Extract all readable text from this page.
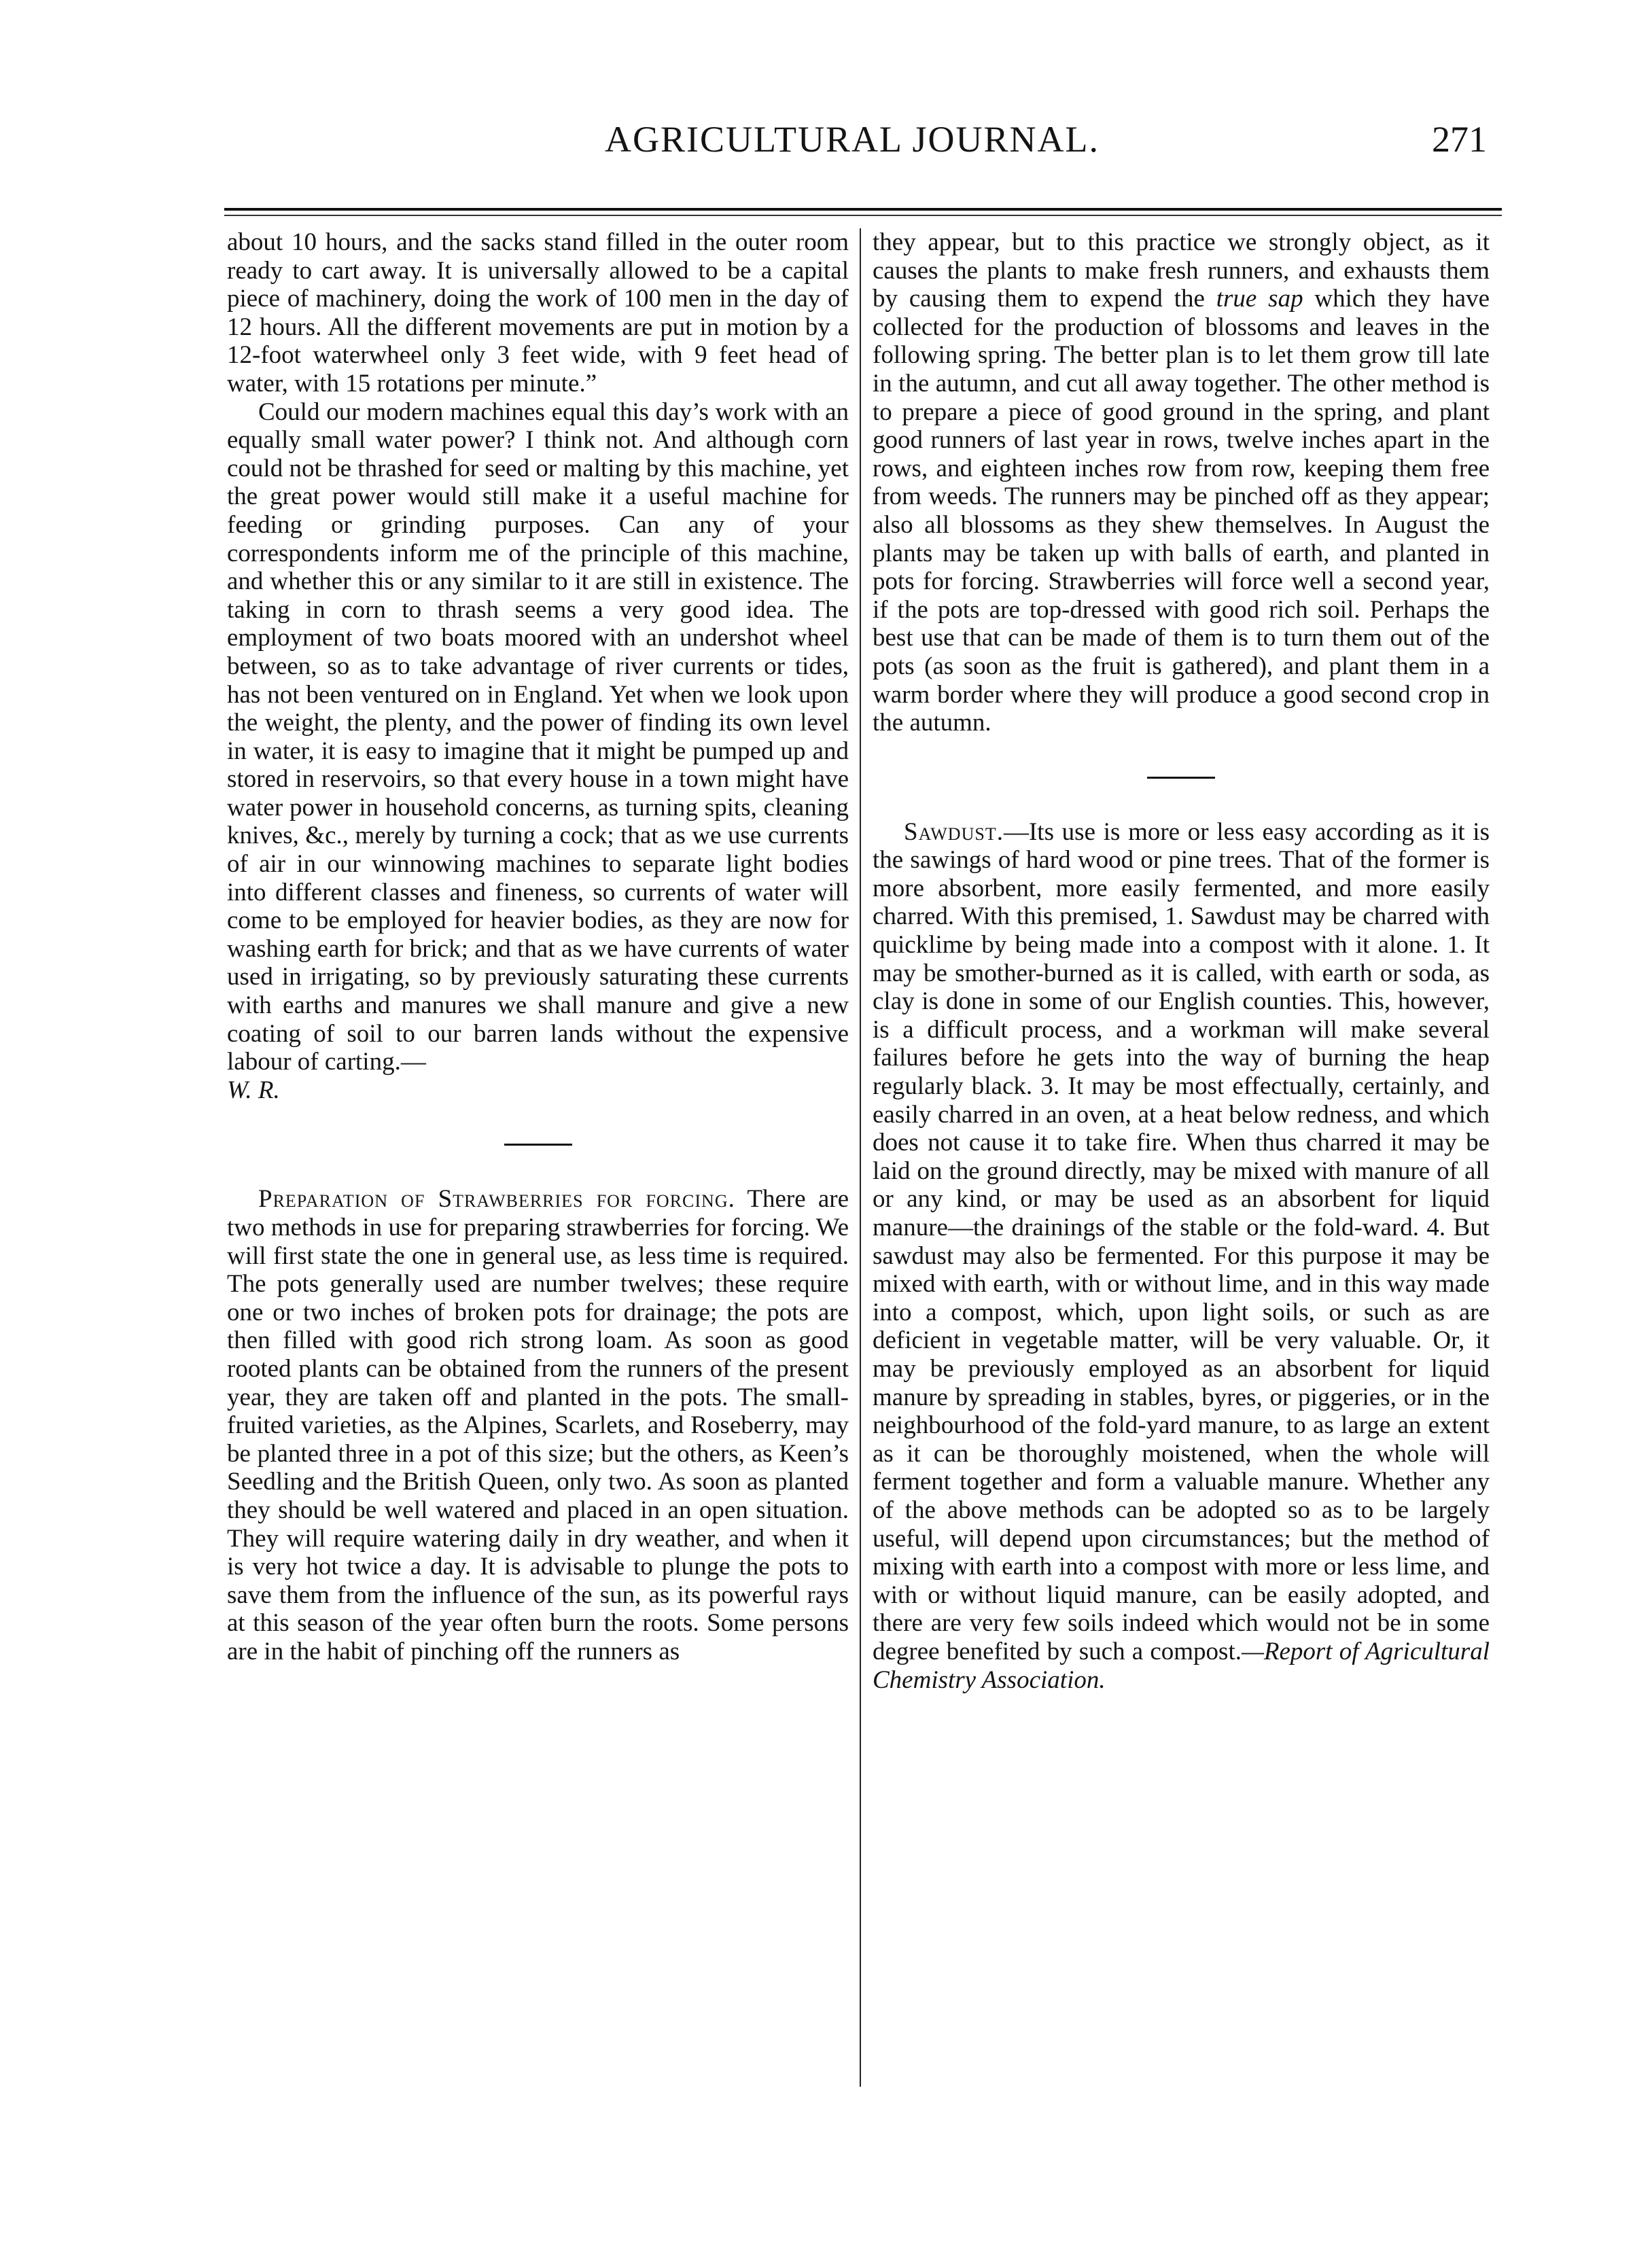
AGRICULTURAL JOURNAL.	271

about 10 hours, and the sacks stand filled in the outer room ready to cart away. It is universally allowed to be a capital piece of machinery, doing the work of 100 men in the day of 12 hours. All the different movements are put in motion by a 12-foot waterwheel only 3 feet wide, with 9 feet head of water, with 15 rotations per minute.”

Could our modern machines equal this day’s work with an equally small water power? I think not. And although corn could not be thrashed for seed or malting by this machine, yet the great power would still make it a useful machine for feeding or grinding purposes. Can any of your correspondents inform me of the principle of this machine, and whether this or any similar to it are still in existence. The taking in corn to thrash seems a very good idea. The employment of two boats moored with an undershot wheel between, so as to take advantage of river currents or tides, has not been ventured on in England. Yet when we look upon the weight, the plenty, and the power of finding its own level in water, it is easy to imagine that it might be pumped up and stored in reservoirs, so that every house in a town might have water power in household concerns, as turning spits, cleaning knives, &c., merely by turning a cock; that as we use currents of air in our winnowing machines to separate light bodies into different classes and fineness, so currents of water will come to be employed for heavier bodies, as they are now for washing earth for brick; and that as we have currents of water used in irrigating, so by previously saturating these currents with earths and manures we shall manure and give a new coating of soil to our barren lands without the expensive labour of carting.—

W. R.

Preparation of Strawberries for forcing. There are two methods in use for preparing strawberries for forcing. We will first state the one in general use, as less time is required. The pots generally used are number twelves; these require one or two inches of broken pots for drainage; the pots are then filled with good rich strong loam. As soon as good rooted plants can be obtained from the runners of the present year, they are taken off and planted in the pots. The small-fruited varieties, as the Alpines, Scarlets, and Roseberry, may be planted three in a pot of this size; but the others, as Keen’s Seedling and the British Queen, only two. As soon as planted they should be well watered and placed in an open situation. They will require watering daily in dry weather, and when it is very hot twice a day. It is advisable to plunge the pots to save them from the influence of the sun, as its powerful rays at this season of the year often burn the roots. Some persons are in the habit of pinching off the runners as

they appear, but to this practice we strongly object, as it causes the plants to make fresh runners, and exhausts them by causing them to expend the true sap which they have collected for the production of blossoms and leaves in the following spring. The better plan is to let them grow till late in the autumn, and cut all away together. The other method is to prepare a piece of good ground in the spring, and plant good runners of last year in rows, twelve inches apart in the rows, and eighteen inches row from row, keeping them free from weeds. The runners may be pinched off as they appear; also all blossoms as they shew themselves. In August the plants may be taken up with balls of earth, and planted in pots for forcing. Strawberries will force well a second year, if the pots are top-dressed with good rich soil. Perhaps the best use that can be made of them is to turn them out of the pots (as soon as the fruit is gathered), and plant them in a warm border where they will produce a good second crop in the autumn.

Sawdust.—Its use is more or less easy according as it is the sawings of hard wood or pine trees. That of the former is more absorbent, more easily fermented, and more easily charred. With this premised, 1. Sawdust may be charred with quicklime by being made into a compost with it alone. 1. It may be smother-burned as it is called, with earth or soda, as clay is done in some of our English counties. This, however, is a difficult process, and a workman will make several failures before he gets into the way of burning the heap regularly black. 3. It may be most effectually, certainly, and easily charred in an oven, at a heat below redness, and which does not cause it to take fire. When thus charred it may be laid on the ground directly, may be mixed with manure of all or any kind, or may be used as an absorbent for liquid manure—the drainings of the stable or the fold-ward. 4. But sawdust may also be fermented. For this purpose it may be mixed with earth, with or without lime, and in this way made into a compost, which, upon light soils, or such as are deficient in vegetable matter, will be very valuable. Or, it may be previously employed as an absorbent for liquid manure by spreading in stables, byres, or piggeries, or in the neighbourhood of the fold-yard manure, to as large an extent as it can be thoroughly moistened, when the whole will ferment together and form a valuable manure. Whether any of the above methods can be adopted so as to be largely useful, will depend upon circumstances; but the method of mixing with earth into a compost with more or less lime, and with or without liquid manure, can be easily adopted, and there are very few soils indeed which would not be in some degree benefited by such a compost.—Report of Agricultural Chemistry Association.
